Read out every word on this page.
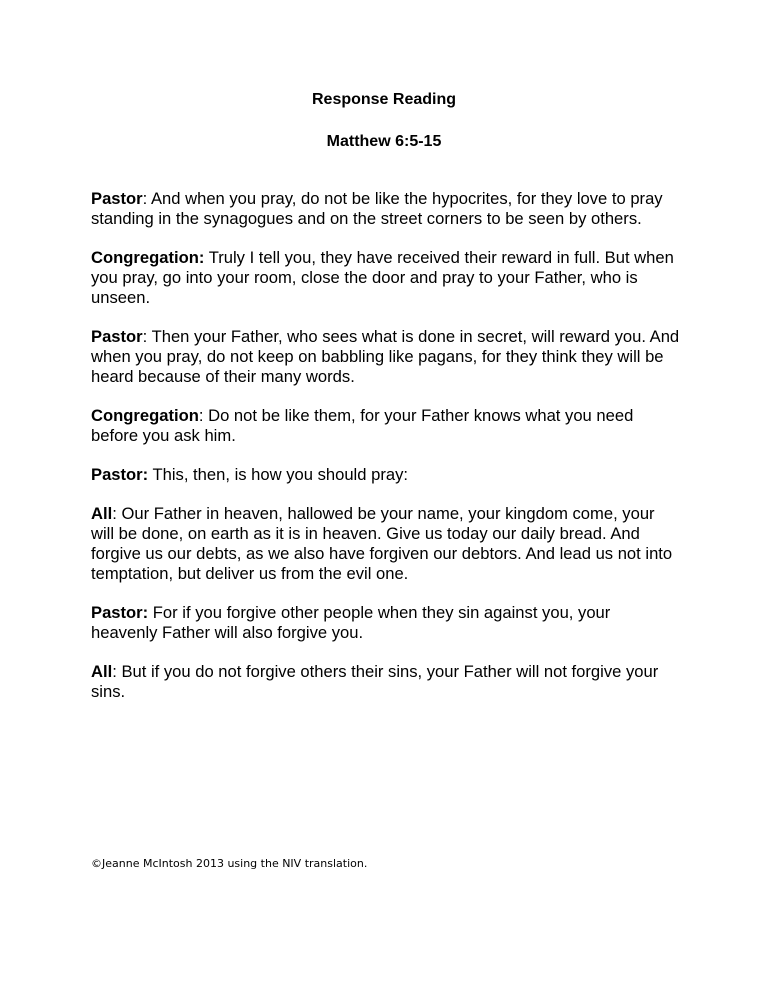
Response Reading
Matthew 6:5-15

Pastor: And when you pray, do not be like the hypocrites, for they love to pray standing in the synagogues and on the street corners to be seen by others.

Congregation: Truly I tell you, they have received their reward in full. But when you pray, go into your room, close the door and pray to your Father, who is unseen.

Pastor: Then your Father, who sees what is done in secret, will reward you. And when you pray, do not keep on babbling like pagans, for they think they will be heard because of their many words.

Congregation: Do not be like them, for your Father knows what you need before you ask him.

Pastor: This, then, is how you should pray:

All: Our Father in heaven, hallowed be your name, your kingdom come, your will be done, on earth as it is in heaven. Give us today our daily bread. And forgive us our debts, as we also have forgiven our debtors. And lead us not into temptation, but deliver us from the evil one.

Pastor: For if you forgive other people when they sin against you, your heavenly Father will also forgive you.

All: But if you do not forgive others their sins, your Father will not forgive your sins.

©Jeanne McIntosh 2013 using the NIV translation.
